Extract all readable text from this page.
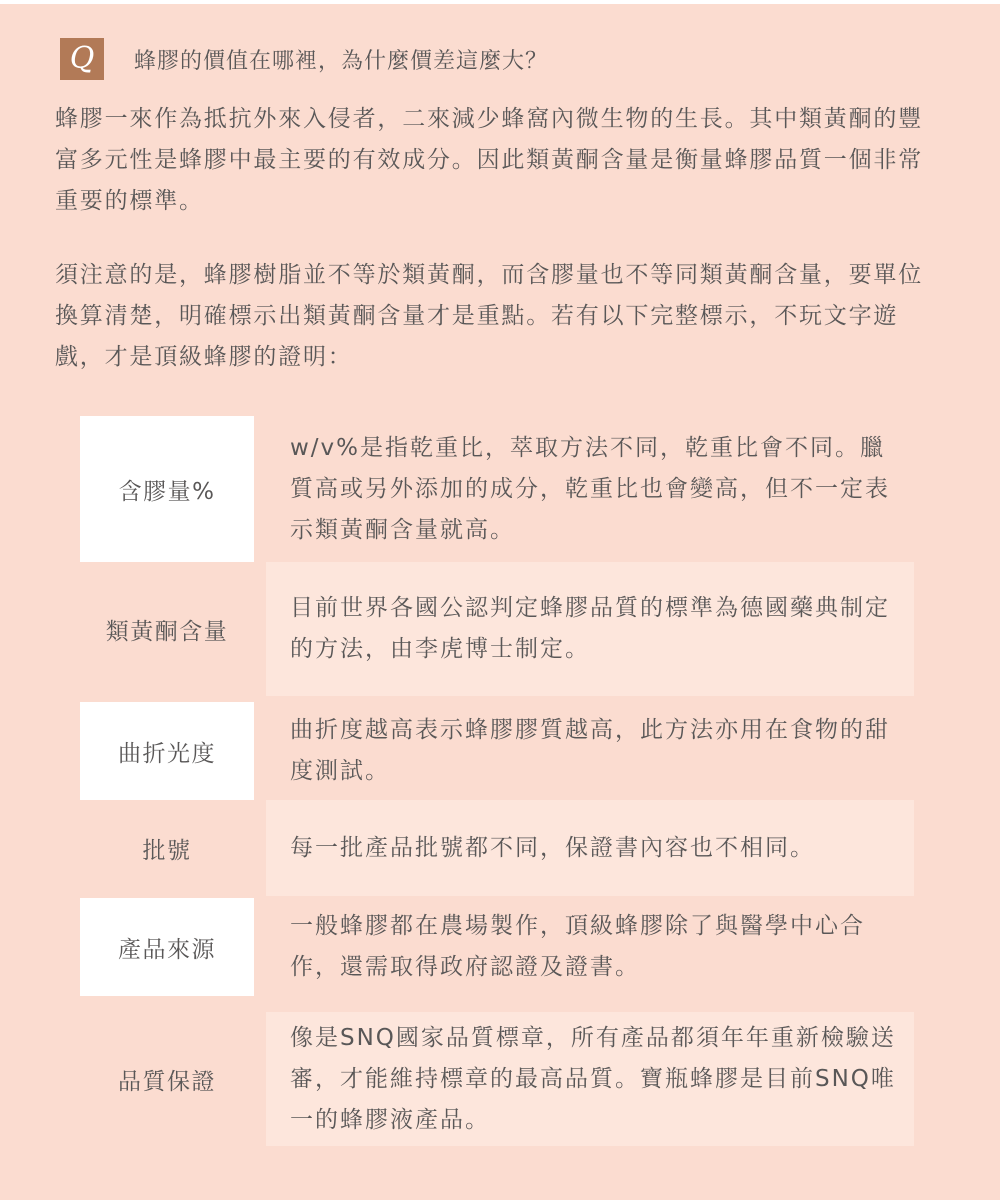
Q	蜂膠的價值在哪裡，為什麼價差這麼大？

蜂膠一來作為抵抗外來入侵者，二來減少蜂窩內微生物的生長。其中類黃酮的豐富多元性是蜂膠中最主要的有效成分。因此類黃酮含量是衡量蜂膠品質一個非常重要的標準。

須注意的是，蜂膠樹脂並不等於類黃酮，而含膠量也不等同類黃酮含量，要單位換算清楚，明確標示出類黃酮含量才是重點。若有以下完整標示，不玩文字遊戲，才是頂級蜂膠的證明：

含膠量%
w/v%是指乾重比，萃取方法不同，乾重比會不同。臘質高或另外添加的成分，乾重比也會變高，但不一定表示類黃酮含量就高。
類黃酮含量
目前世界各國公認判定蜂膠品質的標準為德國藥典制定的方法，由李虎博士制定。
曲折光度
曲折度越高表示蜂膠膠質越高，此方法亦用在食物的甜度測試。
批號	每一批產品批號都不同，保證書內容也不相同。
產品來源
一般蜂膠都在農場製作，頂級蜂膠除了與醫學中心合作，還需取得政府認證及證書。
品質保證
像是SNQ國家品質標章，所有產品都須年年重新檢驗送審，才能維持標章的最高品質。寶瓶蜂膠是目前SNQ唯一的蜂膠液產品。
